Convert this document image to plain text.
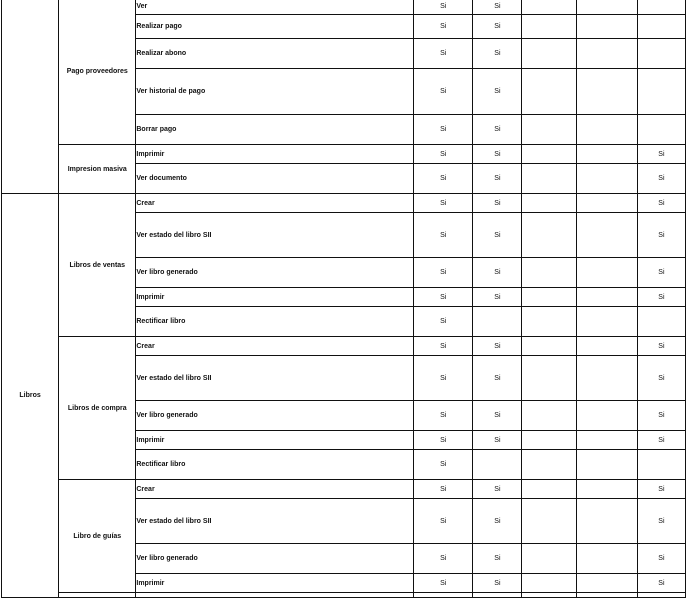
	Pago proveedores	Ver	Si	Si			
		Realizar pago	Si	Si			
		Realizar abono	Si	Si			
		Ver historial de pago	Si	Si			
		Borrar pago	Si	Si			
	Impresion masiva	Imprimir	Si	Si			Si
		Ver documento	Si	Si			Si
Libros	Libros de ventas	Crear	Si	Si			Si
		Ver estado del libro SII	Si	Si			Si
		Ver libro generado	Si	Si			Si
		Imprimir	Si	Si			Si
		Rectificar libro	Si				
	Libros de compra	Crear	Si	Si			Si
		Ver estado del libro SII	Si	Si			Si
		Ver libro generado	Si	Si			Si
		Imprimir	Si	Si			Si
		Rectificar libro	Si				
	Libro de guías	Crear	Si	Si			Si
		Ver estado del libro SII	Si	Si			Si
		Ver libro generado	Si	Si			Si
		Imprimir	Si	Si			Si
